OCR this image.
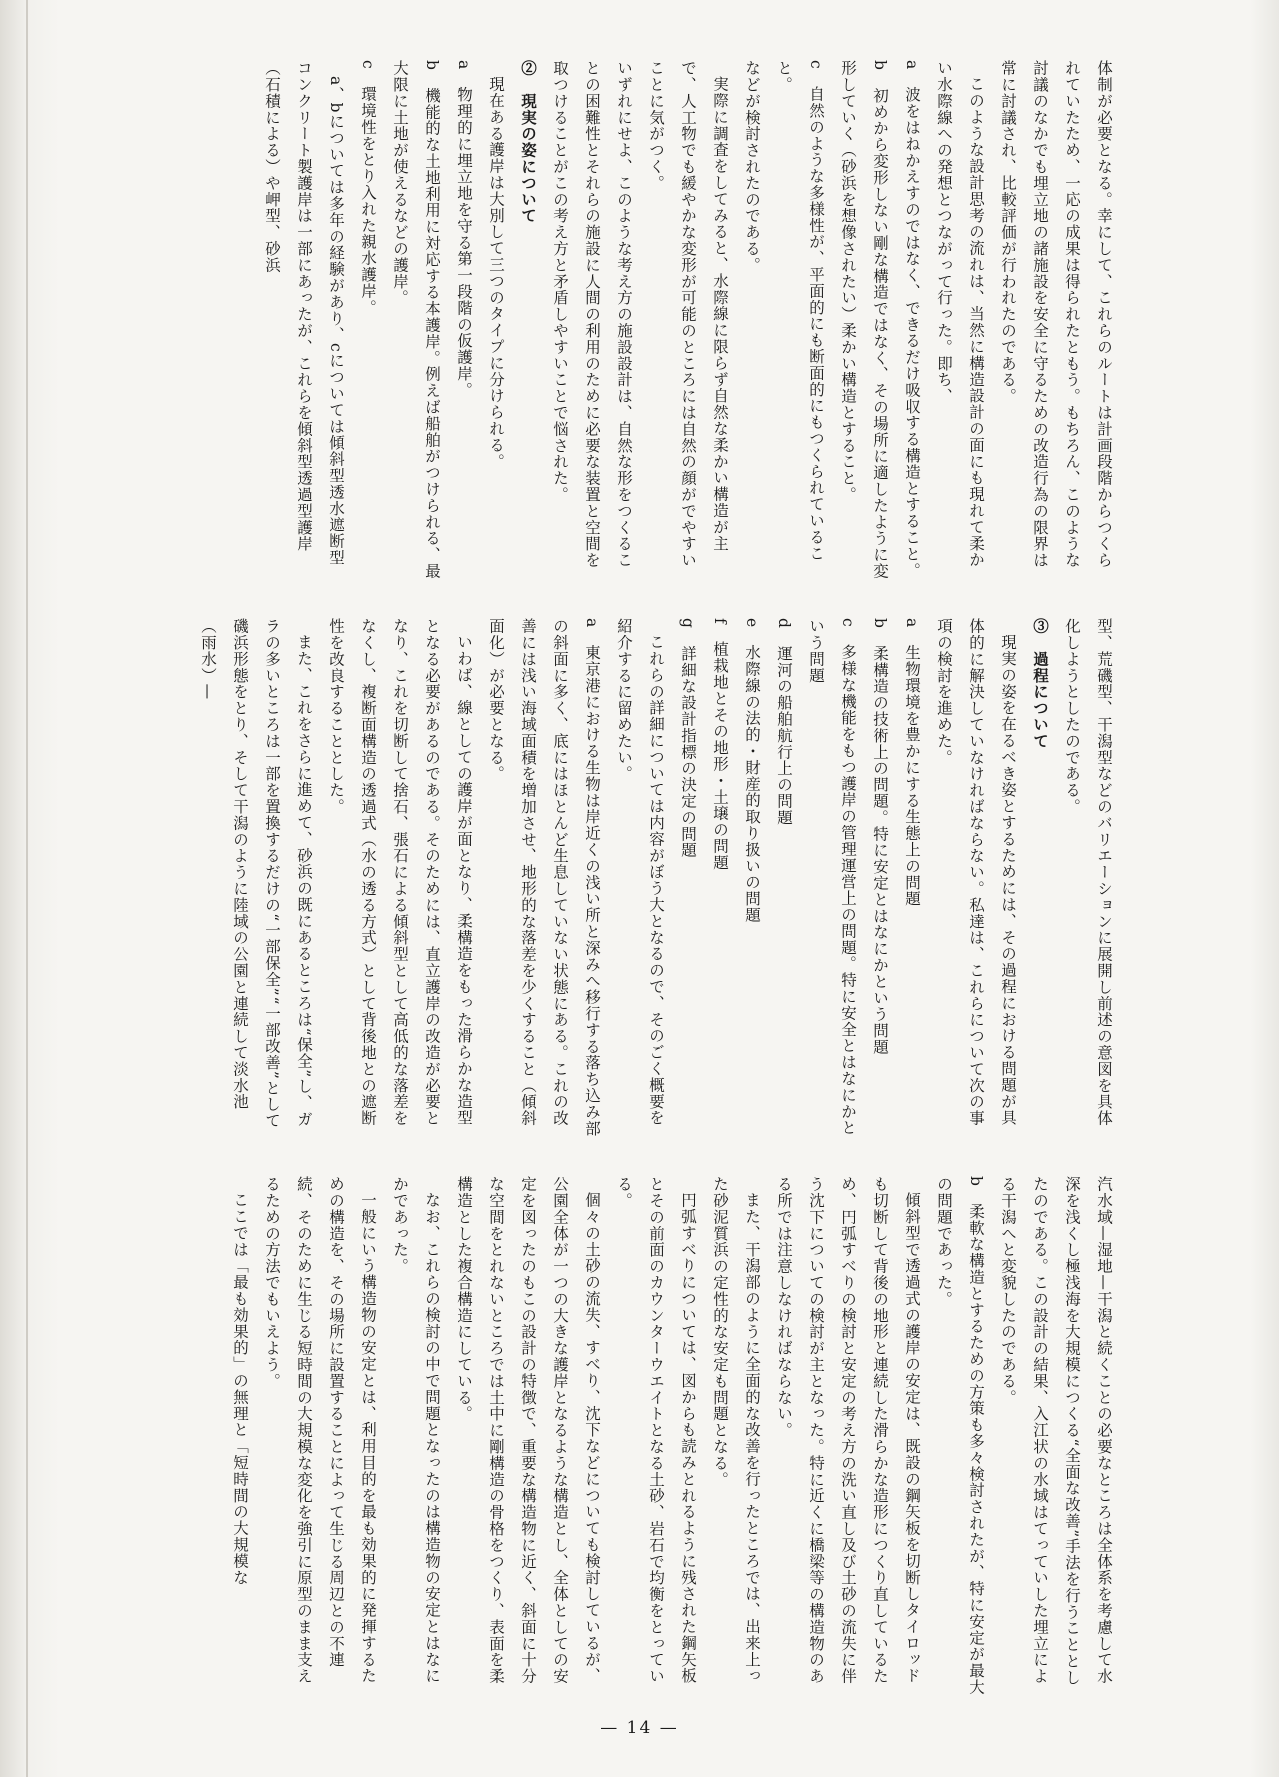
体制が必要となる。幸にして、これらのルートは計画段階からつくられていたため、一応の成果は得られたともう。もちろん、このような討議のなかでも埋立地の諸施設を安全に守るための改造行為の限界は常に討議され、比較評価が行われたのである。

このような設計思考の流れは、当然に構造設計の面にも現れて柔かい水際線への発想とつながって行った。即ち、

a　波をはねかえすのではなく、できるだけ吸収する構造とすること。

b　初めから変形しない剛な構造ではなく、その場所に適したように変形していく（砂浜を想像されたい）柔かい構造とすること。

c　自然のような多様性が、平面的にも断面的にもつくられていること。

などが検討されたのである。

実際に調査をしてみると、水際線に限らず自然な柔かい構造が主で、人工物でも緩やかな変形が可能のところには自然の顔がでやすいことに気がつく。

いずれにせよ、このような考え方の施設設計は、自然な形をつくることの困難性とそれらの施設に人間の利用のために必要な装置と空間を取つけることがこの考え方と矛盾しやすいことで悩された。

②　現実の姿について

現在ある護岸は大別して三つのタイプに分けられる。

a　物理的に埋立地を守る第一段階の仮護岸。

b　機能的な土地利用に対応する本護岸。例えば船舶がつけられる、最大限に土地が使えるなどの護岸。

c　環境性をとり入れた親水護岸。

a、bについては多年の経験があり、cについては傾斜型透水遮断型コンクリート製護岸は一部にあったが、これらを傾斜型透過型護岸（石積による）や岬型、砂浜

型、荒磯型、干潟型などのバリエーションに展開し前述の意図を具体化しようとしたのである。

③　過程について

現実の姿を在るべき姿とするためには、その過程における問題が具体的に解決していなければならない。私達は、これらについて次の事項の検討を進めた。

a　生物環境を豊かにする生態上の問題

b　柔構造の技術上の問題。特に安定とはなにかという問題

c　多様な機能をもつ護岸の管理運営上の問題。特に安全とはなにかという問題

d　運河の船舶航行上の問題

e　水際線の法的・財産的取り扱いの問題

f　植栽地とその地形・土壌の問題

g　詳細な設計指標の決定の問題

これらの詳細については内容がぼう大となるので、そのごく概要を紹介するに留めたい。

a　東京港における生物は岸近くの浅い所と深みへ移行する落ち込み部の斜面に多く、底にはほとんど生息していない状態にある。これの改善には浅い海域面積を増加させ、地形的な落差を少くすること（傾斜面化）が必要となる。

いわば、線としての護岸が面となり、柔構造をもった滑らかな造型となる必要があるのである。そのためには、直立護岸の改造が必要となり、これを切断して捨石、張石による傾斜型として高低的な落差をなくし、複断面構造の透過式（水の透る方式）として背後地との遮断性を改良することとした。

また、これをさらに進めて、砂浜の既にあるところは“保全”し、ガラの多いところは一部を置換するだけの“一部保全”“一部改善”として磯浜形態をとり、そして干潟のように陸域の公園と連続して淡水池（雨水）—

汽水域—湿地—干潟と続くことの必要なところは全体系を考慮して水深を浅くし極浅海を大規模につくる“全面な改善”手法を行うこととしたのである。この設計の結果、入江状の水域はてっていした埋立による干潟へと変貌したのである。

b　柔軟な構造とするための方策も多々検討されたが、特に安定が最大の問題であった。

傾斜型で透過式の護岸の安定は、既設の鋼矢板を切断しタイロッドも切断して背後の地形と連続した滑らかな造形につくり直しているため、円弧すべりの検討と安定の考え方の洗い直し及び土砂の流失に伴う沈下についての検討が主となった。特に近くに橋梁等の構造物のある所では注意しなければならない。

また、干潟部のように全面的な改善を行ったところでは、出来上った砂泥質浜の定性的な安定も問題となる。

円弧すべりについては、図からも読みとれるように残された鋼矢板とその前面のカウンターウエイトとなる土砂、岩石で均衡をとっている。

個々の土砂の流失、すべり、沈下などについても検討しているが、公園全体が一つの大きな護岸となるような構造とし、全体としての安定を図ったのもこの設計の特徴で、重要な構造物に近く、斜面に十分な空間をとれないところでは土中に剛構造の骨格をつくり、表面を柔構造とした複合構造にしている。

なお、これらの検討の中で問題となったのは構造物の安定とはなにかであった。

一般にいう構造物の安定とは、利用目的を最も効果的に発揮するための構造を、その場所に設置することによって生じる周辺との不連続、そのために生じる短時間の大規模な変化を強引に原型のまま支えるための方法でもいえよう。

ここでは「最も効果的」の無理と「短時間の大規模な

— 14 —
